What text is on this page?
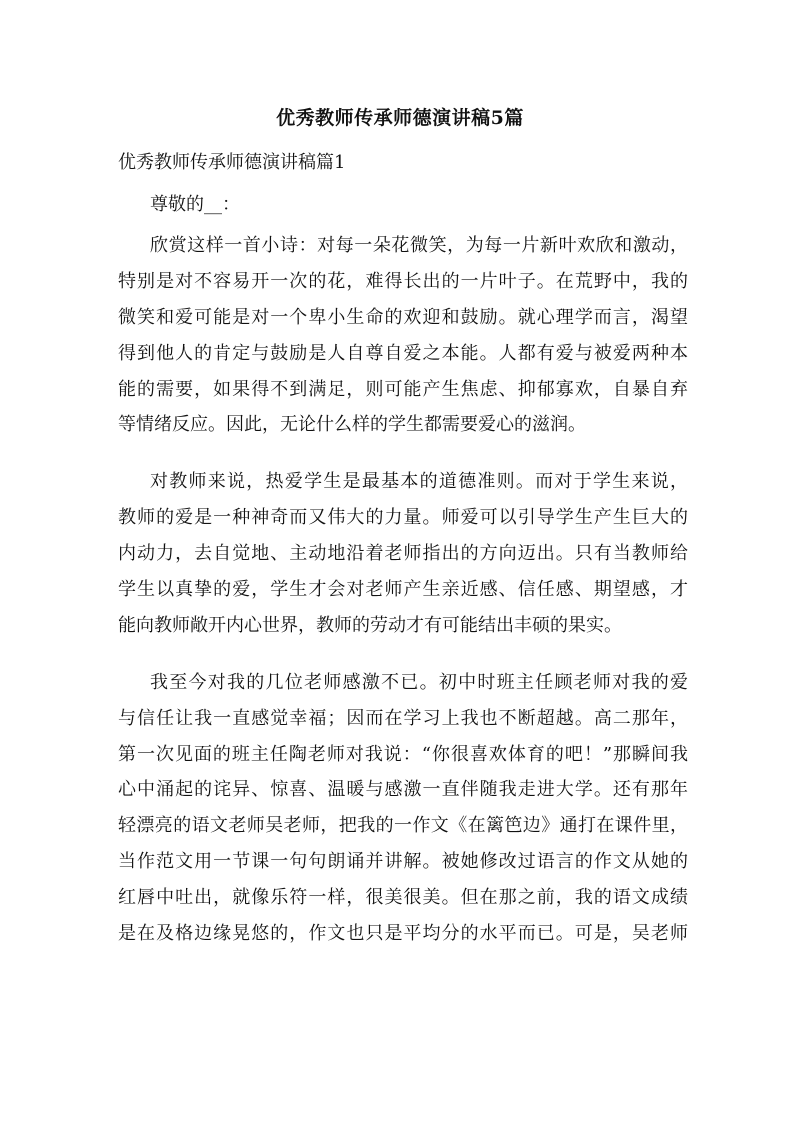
优秀教师传承师德演讲稿5篇
优秀教师传承师德演讲稿篇1
尊敬的__：
欣赏这样一首小诗：对每一朵花微笑，为每一片新叶欢欣和激动，
特别是对不容易开一次的花，难得长出的一片叶子。在荒野中，我的
微笑和爱可能是对一个卑小生命的欢迎和鼓励。就心理学而言，渴望
得到他人的肯定与鼓励是人自尊自爱之本能。人都有爱与被爱两种本
能的需要，如果得不到满足，则可能产生焦虑、抑郁寡欢，自暴自弃
等情绪反应。因此，无论什么样的学生都需要爱心的滋润。
对教师来说，热爱学生是最基本的道德准则。而对于学生来说，
教师的爱是一种神奇而又伟大的力量。师爱可以引导学生产生巨大的
内动力，去自觉地、主动地沿着老师指出的方向迈出。只有当教师给
学生以真挚的爱，学生才会对老师产生亲近感、信任感、期望感，才
能向教师敞开内心世界，教师的劳动才有可能结出丰硕的果实。
我至今对我的几位老师感激不已。初中时班主任顾老师对我的爱
与信任让我一直感觉幸福；因而在学习上我也不断超越。高二那年，
第一次见面的班主任陶老师对我说：“你很喜欢体育的吧！”那瞬间我
心中涌起的诧异、惊喜、温暖与感激一直伴随我走进大学。还有那年
轻漂亮的语文老师吴老师，把我的一作文《在篱笆边》通打在课件里，
当作范文用一节课一句句朗诵并讲解。被她修改过语言的作文从她的
红唇中吐出，就像乐符一样，很美很美。但在那之前，我的语文成绩
是在及格边缘晃悠的，作文也只是平均分的水平而已。可是，吴老师
